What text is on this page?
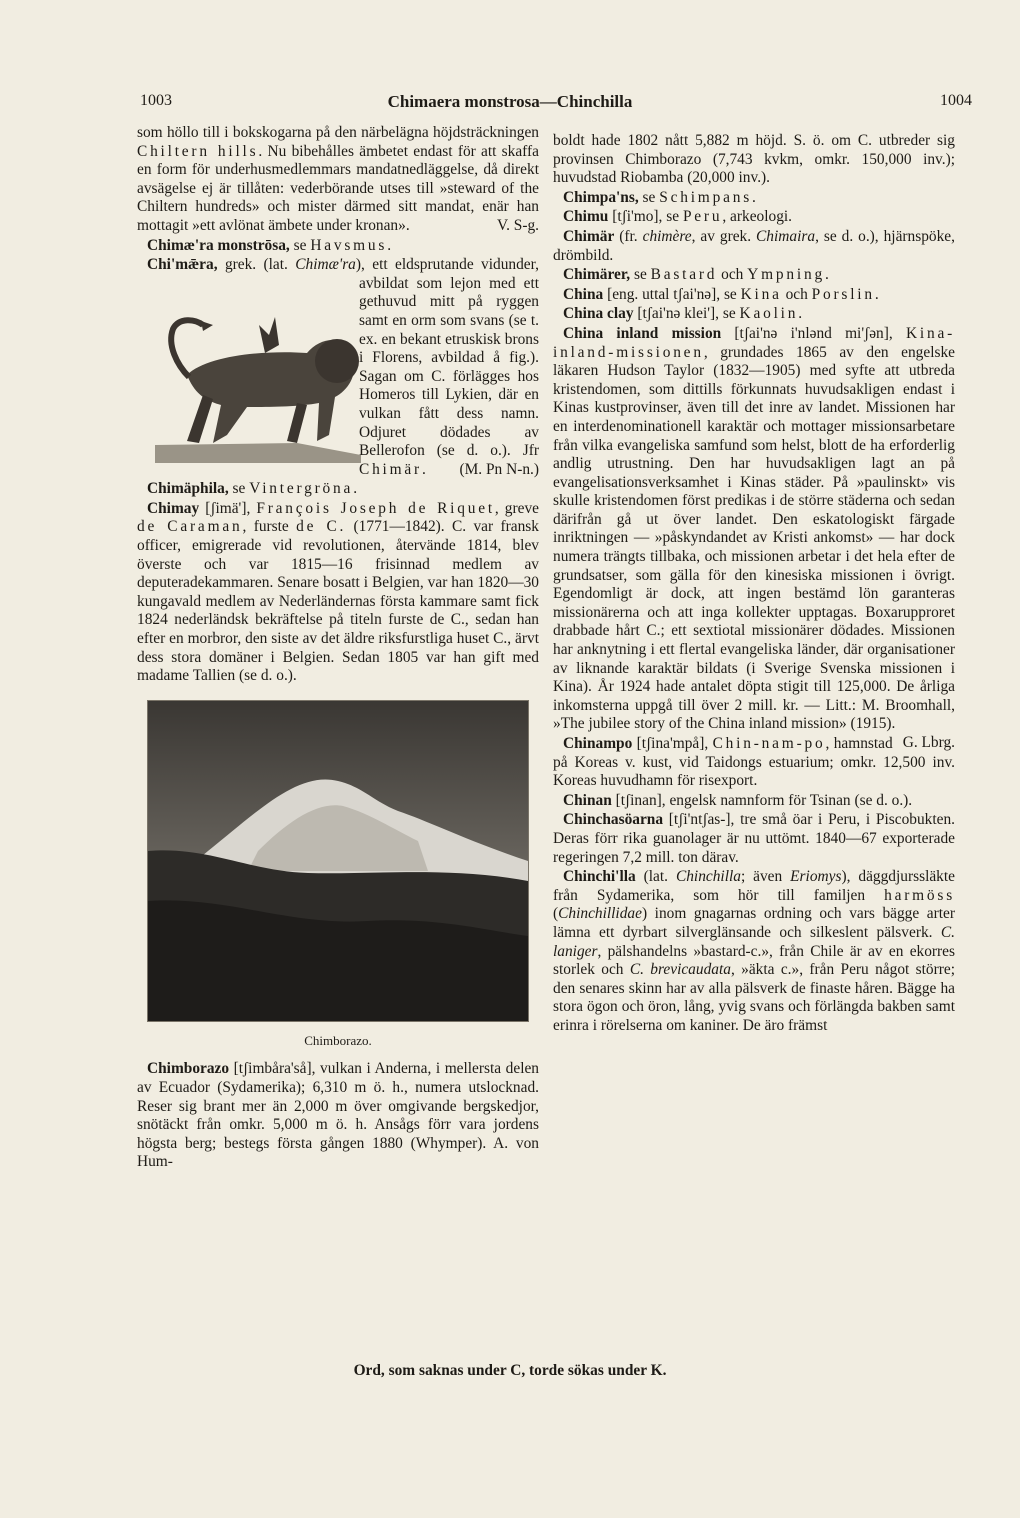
1003	Chimaera monstrosa—Chinchilla	1004

som höllo till i bokskogarna på den närbelägna höjdsträckningen Chiltern hills. Nu bibehålles ämbetet endast för att skaffa en form för underhusmedlemmars mandatnedläggelse, då direkt avsägelse ej är tillåten: vederbörande utses till »steward of the Chiltern hundreds» och mister därmed sitt mandat, enär han mottagit »ett avlönat ämbete under kronan».	V. S-g.

Chimæ'ra monstrōsa, se Havsmus.

Chi'mǣra, grek. (lat. Chimæ'ra
), ett eldsprutande vidunder, avbildat som lejon med ett gethuvud mitt på ryggen samt en orm som svans (se t. ex. en bekant etruskisk brons i Florens, avbildad å fig.). Sagan om C. förlägges hos Homeros till Lykien, där en vulkan fått dess namn. Odjuret dödades av Bellerofon (se d. o.). Jfr Chimär.	(M. Pn N-n.)

Chimäphila, se Vintergröna.

Chimay [ʃimä'], François Joseph de Riquet, greve de Caraman, furste de C. (1771—1842). C. var fransk officer, emigrerade vid revolutionen, återvände 1814, blev överste och var 1815—16 frisinnad medlem av deputeradekammaren. Senare bosatt i Belgien, var han 1820—30 kungavald medlem av Nederländernas första kammare samt fick 1824 nederländsk bekräftelse på titeln furste de C., sedan han efter en morbror, den siste av det äldre riksfurstliga huset C., ärvt dess stora domäner i Belgien. Sedan 1805 var han gift med madame Tallien (se d. o.).

Chimborazo.

Chimborazo [tʃimbåra'så], vulkan i Anderna, i mellersta delen av Ecuador (Sydamerika); 6,310 m ö. h., numera utslocknad. Reser sig brant mer än 2,000 m över omgivande bergskedjor, snötäckt från omkr. 5,000 m ö. h. Ansågs förr vara jordens högsta berg; bestegs första gången 1880 (Whymper). A. von Hum-

Ord, som saknas under C, torde sökas under K.

boldt hade 1802 nått 5,882 m höjd. S. ö. om C. utbreder sig provinsen Chimborazo (7,743 kvkm, omkr. 150,000 inv.); huvudstad Riobamba (20,000 inv.).

Chimpa'ns, se Schimpans.

Chimu [tʃi'mo], se Peru, arkeologi.

Chimär (fr. chimère, av grek. Chimaira, se d. o.), hjärnspöke, drömbild.

Chimärer, se Bastard och Ympning.

China [eng. uttal tʃai'nə], se Kina och Porslin.

China clay [tʃai'nə klei'], se Kaolin.

China inland mission [tʃai'nə i'nlənd mi'ʃən], Kina-inland-missionen, grundades 1865 av den engelske läkaren Hudson Taylor (1832—1905) med syfte att utbreda kristendomen, som dittills förkunnats huvudsakligen endast i Kinas kustprovinser, även till det inre av landet. Missionen har en interdenominationell karaktär och mottager missionsarbetare från vilka evangeliska samfund som helst, blott de ha erforderlig andlig utrustning. Den har huvudsakligen lagt an på evangelisationsverksamhet i Kinas städer. På »paulinskt» vis skulle kristendomen först predikas i de större städerna och sedan därifrån gå ut över landet. Den eskatologiskt färgade inriktningen — »påskyndandet av Kristi ankomst» — har dock numera trängts tillbaka, och missionen arbetar i det hela efter de grundsatser, som gälla för den kinesiska missionen i övrigt. Egendomligt är dock, att ingen bestämd lön garanteras missionärerna och att inga kollekter upptagas. Boxarupproret drabbade hårt C.; ett sextiotal missionärer dödades. Missionen har anknytning i ett flertal evangeliska länder, där organisationer av liknande karaktär bildats (i Sverige Svenska missionen i Kina). År 1924 hade antalet döpta stigit till 125,000. De årliga inkomsterna uppgå till över 2 mill. kr. — Litt.: M. Broomhall, »The jubilee story of the China inland mission» (1915).
G. Lbrg.

Chinampo [tʃina'mpå], Chin-nam-po, hamnstad på Koreas v. kust, vid Taidongs estuarium; omkr. 12,500 inv. Koreas huvudhamn för risexport.

Chinan [tʃinan], engelsk namnform för Tsinan (se d. o.).

Chinchasöarna [tʃi'ntʃas-], tre små öar i Peru, i Piscobukten. Deras förr rika guanolager är nu uttömt. 1840—67 exporterade regeringen 7,2 mill. ton därav.

Chinchi'lla (lat. Chinchilla; även Eriomys), däggdjurssläkte från Sydamerika, som hör till familjen harmöss (Chinchillidae) inom gnagarnas ordning och vars bägge arter lämna ett dyrbart silverglänsande och silkeslent pälsverk. C. laniger, pälshandelns »bastard-c.», från Chile är av en ekorres storlek och C. brevicaudata, »äkta c.», från Peru något större; den senares skinn har av alla pälsverk de finaste håren. Bägge ha stora ögon och öron, lång, yvig svans och förlängda bakben samt erinra i rörelserna om kaniner. De äro främst
